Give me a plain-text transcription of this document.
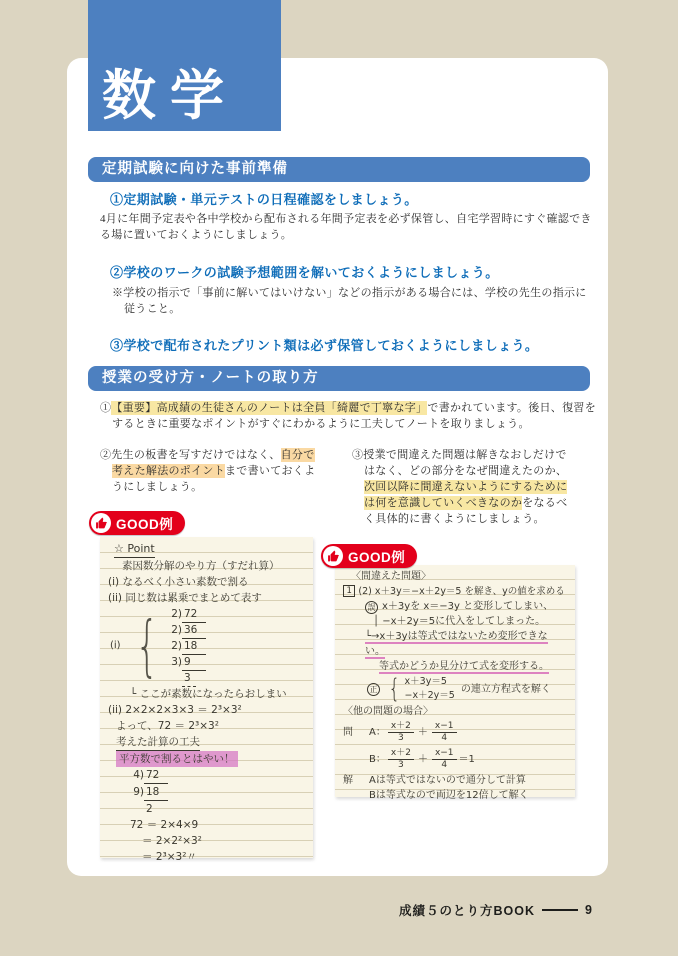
数学
定期試験に向けた事前準備
①定期試験・単元テストの日程確認をしましょう。
4月に年間予定表や各中学校から配布される年間予定表を必ず保管し、自宅学習時にすぐ確認できる場に置いておくようにしましょう。
②学校のワークの試験予想範囲を解いておくようにしましょう。
※学校の指示で「事前に解いてはいけない」などの指示がある場合には、学校の先生の指示に従うこと。
③学校で配布されたプリント類は必ず保管しておくようにしましょう。
授業の受け方・ノートの取り方
①【重要】高成績の生徒さんのノートは全員「綺麗で丁寧な字」で書かれています。後日、復習をするときに重要なポイントがすぐにわかるように工夫してノートを取りましょう。
②先生の板書を写すだけではなく、自分で考えた解法のポイントまで書いておくようにしましょう。
③授業で間違えた問題は解きなおしだけではなく、どの部分をなぜ間違えたのか、次回以降に間違えないようにするためには何を意識していくべきなのかをなるべく具体的に書くようにしましょう。
GOOD例
GOOD例
☆ Point
素因数分解のやり方（すだれ算）
(i) なるべく小さい素数で割る
(ii) 同じ数は累乗でまとめて表す
(i) {	2) 72
2) 36
2) 18
3) 9
3
└ ここが素数になったらおしまい
(ii) 2×2×2×3×3 ＝ 2³×3²
よって、72 ＝ 2³×3²
考えた計算の工夫
平方数で割るとはやい！
4) 72
9) 18
2
72 ＝ 2×4×9
＝ 2×2²×3²
＝ 2³×3²〃
〈間違えた問題〉
1 (2) x＋3y＝−x＋2y＝5 を解き、yの値を求める
誤 x＋3yを x＝−3y と変形してしまい、
│ −x＋2y＝5に代入をしてしまった。
└→x＋3yは等式ではないため変形できない。
等式かどうか見分けて式を変形する。
正 { x＋3y＝5
−x＋2y＝5
の連立方程式を解く
〈他の問題の場合〉
問	A： $\frac{x+2}{3} + \frac{x-1}{4}$
B： $\frac{x+2}{3} + \frac{x-1}{4} =1$
解	Aは等式ではないので通分して計算
Bは等式なので両辺を12倍して解く
成績５のとり方BOOK	9
